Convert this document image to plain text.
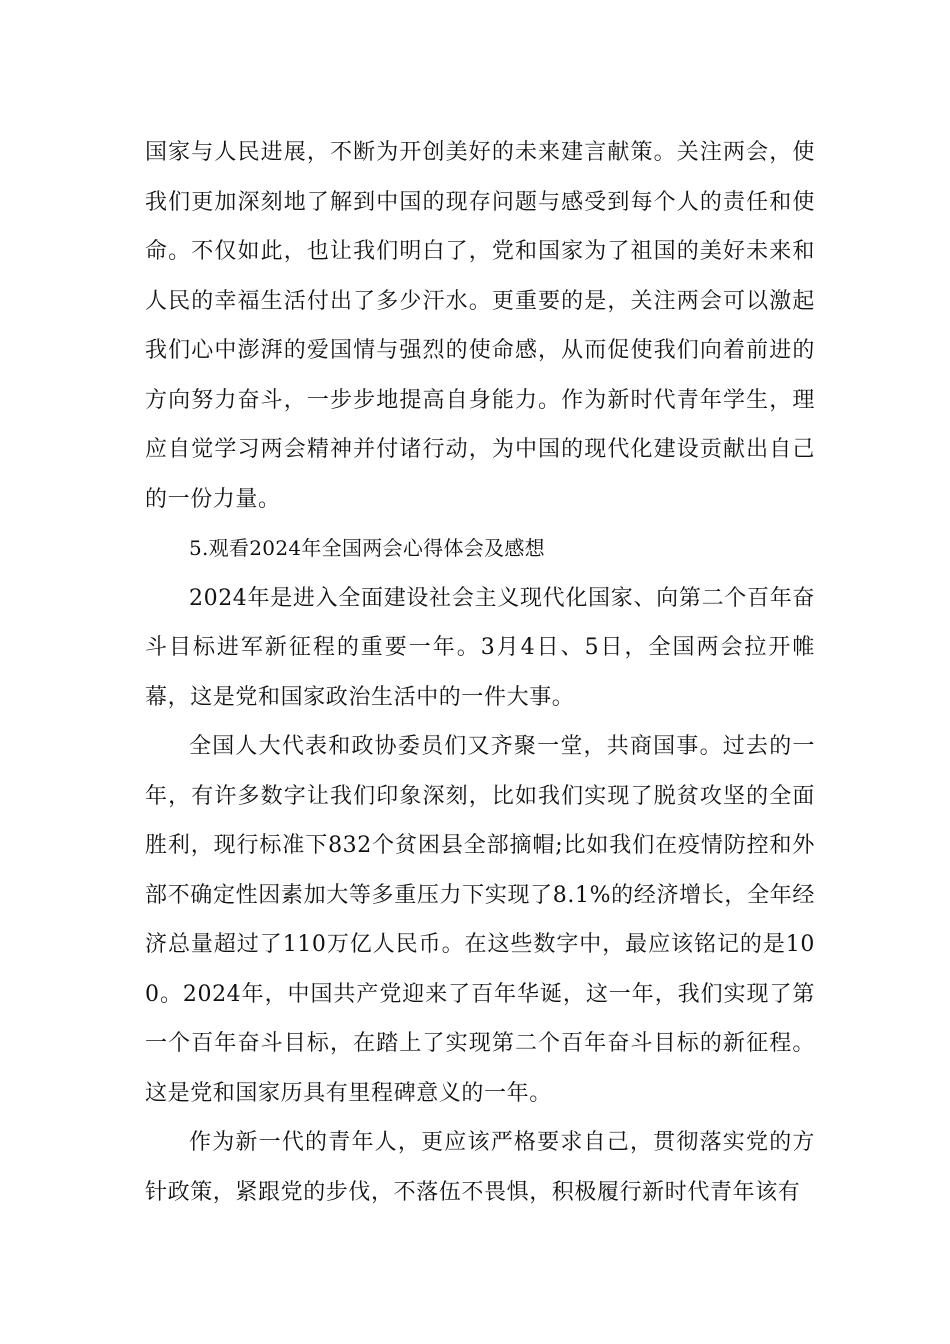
国家与人民进展，不断为开创美好的未来建言献策。关注两会，使我们更加深刻地了解到中国的现存问题与感受到每个人的责任和使命。不仅如此，也让我们明白了，党和国家为了祖国的美好未来和人民的幸福生活付出了多少汗水。更重要的是，关注两会可以激起我们心中澎湃的爱国情与强烈的使命感，从而促使我们向着前进的方向努力奋斗，一步步地提高自身能力。作为新时代青年学生，理应自觉学习两会精神并付诸行动，为中国的现代化建设贡献出自己的一份力量。

5.观看2024年全国两会心得体会及感想

2024年是进入全面建设社会主义现代化国家、向第二个百年奋斗目标进军新征程的重要一年。3月4日、5日，全国两会拉开帷幕，这是党和国家政治生活中的一件大事。

全国人大代表和政协委员们又齐聚一堂，共商国事。过去的一年，有许多数字让我们印象深刻，比如我们实现了脱贫攻坚的全面胜利，现行标准下832个贫困县全部摘帽;比如我们在疫情防控和外部不确定性因素加大等多重压力下实现了8.1%的经济增长，全年经济总量超过了110万亿人民币。在这些数字中，最应该铭记的是100。2024年，中国共产党迎来了百年华诞，这一年，我们实现了第一个百年奋斗目标，在踏上了实现第二个百年奋斗目标的新征程。这是党和国家历具有里程碑意义的一年。

作为新一代的青年人，更应该严格要求自己，贯彻落实党的方针政策，紧跟党的步伐，不落伍不畏惧，积极履行新时代青年该有
